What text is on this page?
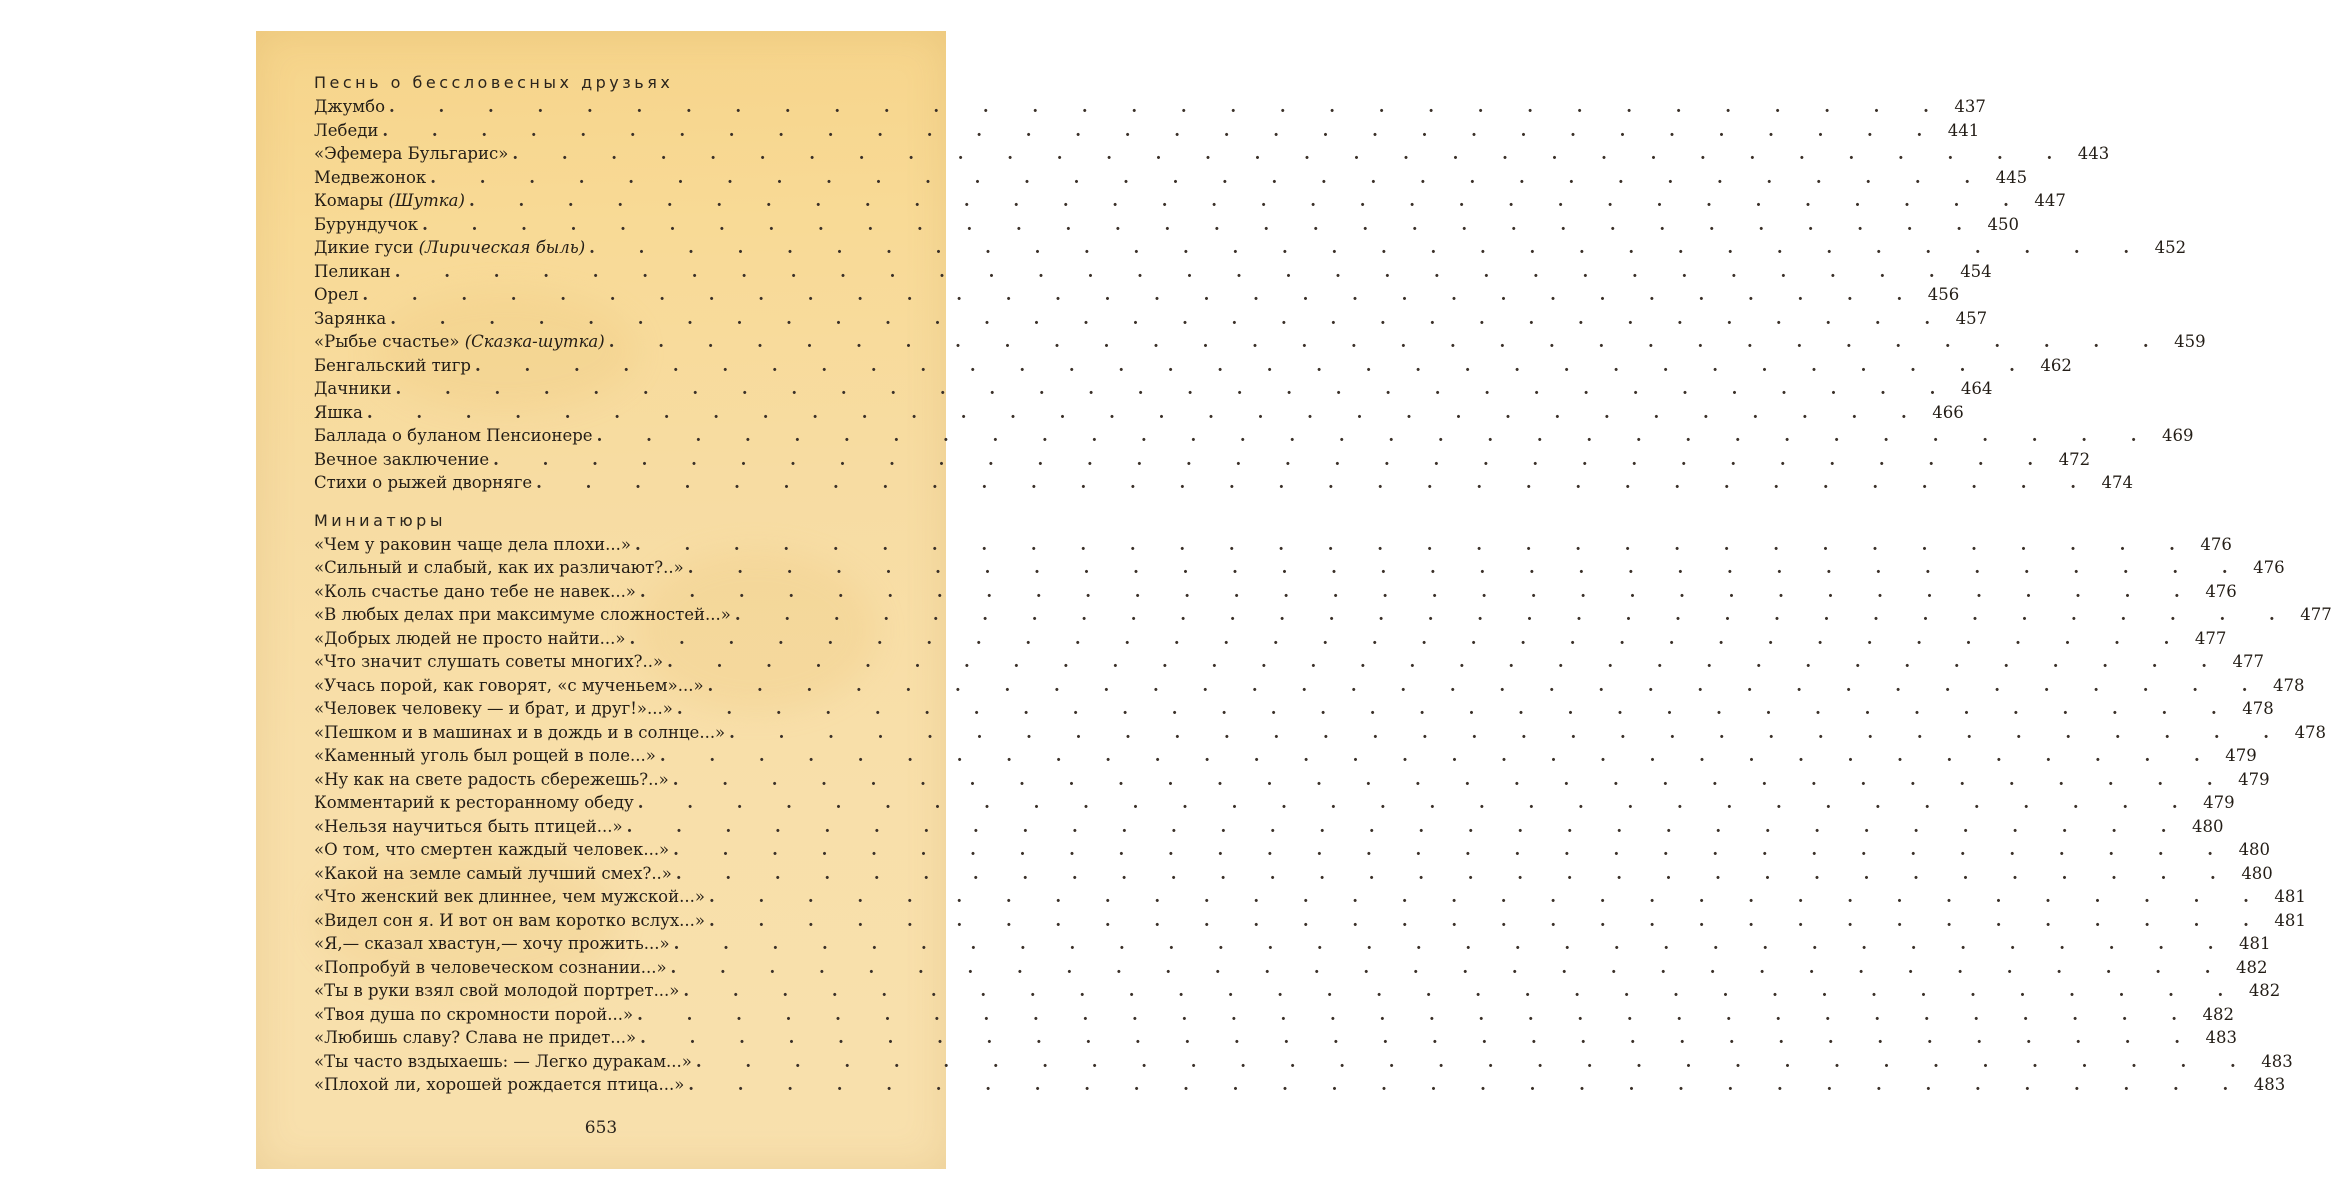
Песнь о бессловесных друзьях
Джумбо . . . . . . . . . . . . . . . . . . . . . . . . . . . . . . . . 437
Лебеди . . . . . . . . . . . . . . . . . . . . . . . . . . . . . . . . 441
«Эфемера Бульгарис» . . . . . . . . . . . . . . . . . . . . . . . . . . . . . . . . 443
Медвежонок . . . . . . . . . . . . . . . . . . . . . . . . . . . . . . . . 445
Комары (Шутка) . . . . . . . . . . . . . . . . . . . . . . . . . . . . . . . . 447
Бурундучок . . . . . . . . . . . . . . . . . . . . . . . . . . . . . . . . 450
Дикие гуси (Лирическая быль) . . . . . . . . . . . . . . . . . . . . . . . . . . . . . . . . 452
Пеликан . . . . . . . . . . . . . . . . . . . . . . . . . . . . . . . . 454
Орел . . . . . . . . . . . . . . . . . . . . . . . . . . . . . . . . 456
Зарянка . . . . . . . . . . . . . . . . . . . . . . . . . . . . . . . . 457
«Рыбье счастье» (Сказка-шутка) . . . . . . . . . . . . . . . . . . . . . . . . . . . . . . . . 459
Бенгальский тигр . . . . . . . . . . . . . . . . . . . . . . . . . . . . . . . . 462
Дачники . . . . . . . . . . . . . . . . . . . . . . . . . . . . . . . . 464
Яшка . . . . . . . . . . . . . . . . . . . . . . . . . . . . . . . . 466
Баллада о буланом Пенсионере . . . . . . . . . . . . . . . . . . . . . . . . . . . . . . . . 469
Вечное заключение . . . . . . . . . . . . . . . . . . . . . . . . . . . . . . . . 472
Стихи о рыжей дворняге . . . . . . . . . . . . . . . . . . . . . . . . . . . . . . . . 474
Миниатюры
«Чем у раковин чаще дела плохи...» . . . . . . . . . . . . . . . . . . . . . . . . . . . . . . . . 476
«Сильный и слабый, как их различают?..» . . . . . . . . . . . . . . . . . . . . . . . . . . . . . . . . 476
«Коль счастье дано тебе не навек...» . . . . . . . . . . . . . . . . . . . . . . . . . . . . . . . . 476
«В любых делах при максимуме сложностей...» . . . . . . . . . . . . . . . . . . . . . . . . . . . . . . . . 477
«Добрых людей не просто найти...» . . . . . . . . . . . . . . . . . . . . . . . . . . . . . . . . 477
«Что значит слушать советы многих?..» . . . . . . . . . . . . . . . . . . . . . . . . . . . . . . . . 477
«Учась порой, как говорят, «с мученьем»...» . . . . . . . . . . . . . . . . . . . . . . . . . . . . . . . . 478
«Человек человеку — и брат, и друг!»...» . . . . . . . . . . . . . . . . . . . . . . . . . . . . . . . . 478
«Пешком и в машинах и в дождь и в солнце...» . . . . . . . . . . . . . . . . . . . . . . . . . . . . . . . . 478
«Каменный уголь был рощей в поле...» . . . . . . . . . . . . . . . . . . . . . . . . . . . . . . . . 479
«Ну как на свете радость сбережешь?..» . . . . . . . . . . . . . . . . . . . . . . . . . . . . . . . . 479
Комментарий к ресторанному обеду . . . . . . . . . . . . . . . . . . . . . . . . . . . . . . . . 479
«Нельзя научиться быть птицей...» . . . . . . . . . . . . . . . . . . . . . . . . . . . . . . . . 480
«О том, что смертен каждый человек...» . . . . . . . . . . . . . . . . . . . . . . . . . . . . . . . . 480
«Какой на земле самый лучший смех?..» . . . . . . . . . . . . . . . . . . . . . . . . . . . . . . . . 480
«Что женский век длиннее, чем мужской...» . . . . . . . . . . . . . . . . . . . . . . . . . . . . . . . . 481
«Видел сон я. И вот он вам коротко вслух...» . . . . . . . . . . . . . . . . . . . . . . . . . . . . . . . . 481
«Я,— сказал хвастун,— хочу прожить...» . . . . . . . . . . . . . . . . . . . . . . . . . . . . . . . . 481
«Попробуй в человеческом сознании...» . . . . . . . . . . . . . . . . . . . . . . . . . . . . . . . . 482
«Ты в руки взял свой молодой портрет...» . . . . . . . . . . . . . . . . . . . . . . . . . . . . . . . . 482
«Твоя душа по скромности порой...» . . . . . . . . . . . . . . . . . . . . . . . . . . . . . . . . 482
«Любишь славу? Слава не придет...» . . . . . . . . . . . . . . . . . . . . . . . . . . . . . . . . 483
«Ты часто вздыхаешь: — Легко дуракам...» . . . . . . . . . . . . . . . . . . . . . . . . . . . . . . . . 483
«Плохой ли, хорошей рождается птица...» . . . . . . . . . . . . . . . . . . . . . . . . . . . . . . . . 483
653
